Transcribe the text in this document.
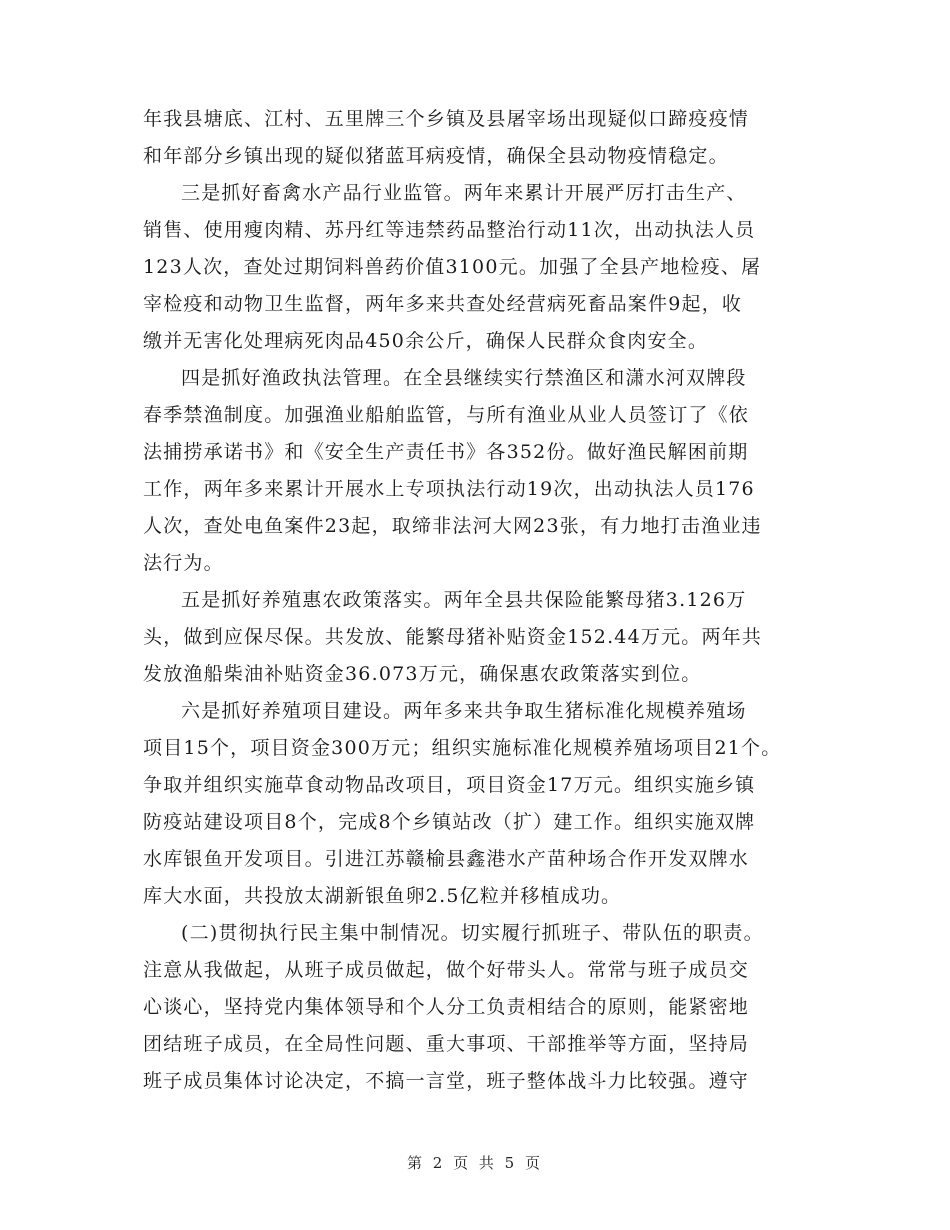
年我县塘底、江村、五里牌三个乡镇及县屠宰场出现疑似口蹄疫疫情
和年部分乡镇出现的疑似猪蓝耳病疫情，确保全县动物疫情稳定。
三是抓好畜禽水产品行业监管。两年来累计开展严厉打击生产、
销售、使用瘦肉精、苏丹红等违禁药品整治行动11次，出动执法人员
123人次，查处过期饲料兽药价值3100元。加强了全县产地检疫、屠
宰检疫和动物卫生监督，两年多来共查处经营病死畜品案件9起，收
缴并无害化处理病死肉品450余公斤，确保人民群众食肉安全。
四是抓好渔政执法管理。在全县继续实行禁渔区和潇水河双牌段
春季禁渔制度。加强渔业船舶监管，与所有渔业从业人员签订了《依
法捕捞承诺书》和《安全生产责任书》各352份。做好渔民解困前期
工作，两年多来累计开展水上专项执法行动19次，出动执法人员176
人次，查处电鱼案件23起，取缔非法河大网23张，有力地打击渔业违
法行为。
五是抓好养殖惠农政策落实。两年全县共保险能繁母猪3.126万
头，做到应保尽保。共发放、能繁母猪补贴资金152.44万元。两年共
发放渔船柴油补贴资金36.073万元，确保惠农政策落实到位。
六是抓好养殖项目建设。两年多来共争取生猪标准化规模养殖场
项目15个，项目资金300万元；组织实施标准化规模养殖场项目21个。
争取并组织实施草食动物品改项目，项目资金17万元。组织实施乡镇
防疫站建设项目8个，完成8个乡镇站改（扩）建工作。组织实施双牌
水库银鱼开发项目。引进江苏赣榆县鑫港水产苗种场合作开发双牌水
库大水面，共投放太湖新银鱼卵2.5亿粒并移植成功。
(二)贯彻执行民主集中制情况。切实履行抓班子、带队伍的职责。
注意从我做起，从班子成员做起，做个好带头人。常常与班子成员交
心谈心，坚持党内集体领导和个人分工负责相结合的原则，能紧密地
团结班子成员，在全局性问题、重大事项、干部推举等方面，坚持局
班子成员集体讨论决定，不搞一言堂，班子整体战斗力比较强。遵守
第 2 页 共 5 页
